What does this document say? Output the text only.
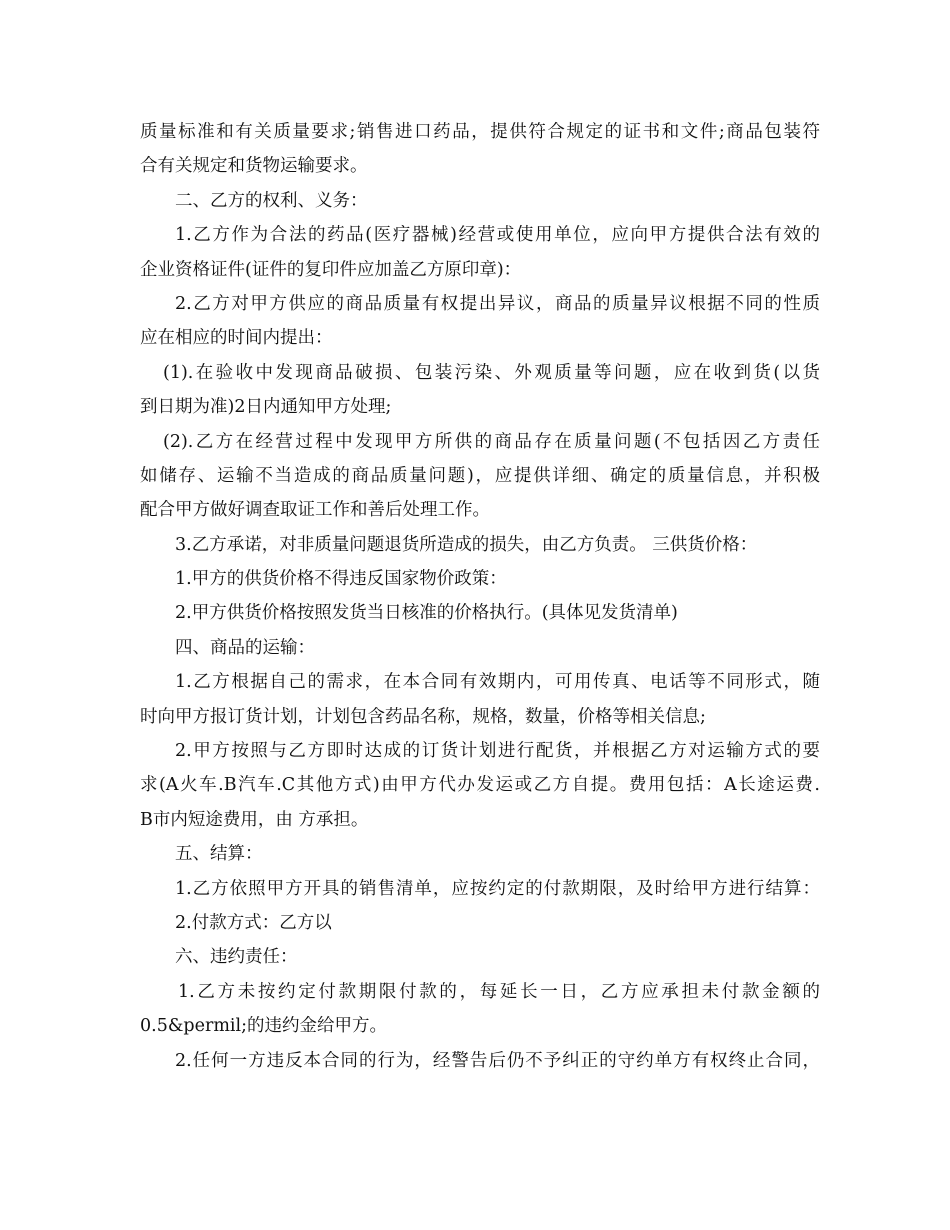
质量标准和有关质量要求;销售进口药品，提供符合规定的证书和文件;商品包装符
合有关规定和货物运输要求。
二、乙方的权利、义务：
1.乙方作为合法的药品(医疗器械)经营或使用单位，应向甲方提供合法有效的
企业资格证件(证件的复印件应加盖乙方原印章)：
2.乙方对甲方供应的商品质量有权提出异议，商品的质量异议根据不同的性质
应在相应的时间内提出：
(1).在验收中发现商品破损、包装污染、外观质量等问题，应在收到货(以货
到日期为准)2日内通知甲方处理;
(2).乙方在经营过程中发现甲方所供的商品存在质量问题(不包括因乙方责任
如储存、运输不当造成的商品质量问题)，应提供详细、确定的质量信息，并积极
配合甲方做好调查取证工作和善后处理工作。
3.乙方承诺，对非质量问题退货所造成的损失，由乙方负责。 三供货价格：
1.甲方的供货价格不得违反国家物价政策：
2.甲方供货价格按照发货当日核准的价格执行。(具体见发货清单)
四、商品的运输：
1.乙方根据自己的需求，在本合同有效期内，可用传真、电话等不同形式，随
时向甲方报订货计划，计划包含药品名称，规格，数量，价格等相关信息;
2.甲方按照与乙方即时达成的订货计划进行配货，并根据乙方对运输方式的要
求(A火车.B汽车.C其他方式)由甲方代办发运或乙方自提。费用包括：A长途运费.
B市内短途费用，由 方承担。
五、结算：
1.乙方依照甲方开具的销售清单，应按约定的付款期限，及时给甲方进行结算：
2.付款方式：乙方以
六、违约责任：
1.乙方未按约定付款期限付款的，每延长一日，乙方应承担未付款金额的
0.5&permil;的违约金给甲方。
2.任何一方违反本合同的行为，经警告后仍不予纠正的守约单方有权终止合同，
